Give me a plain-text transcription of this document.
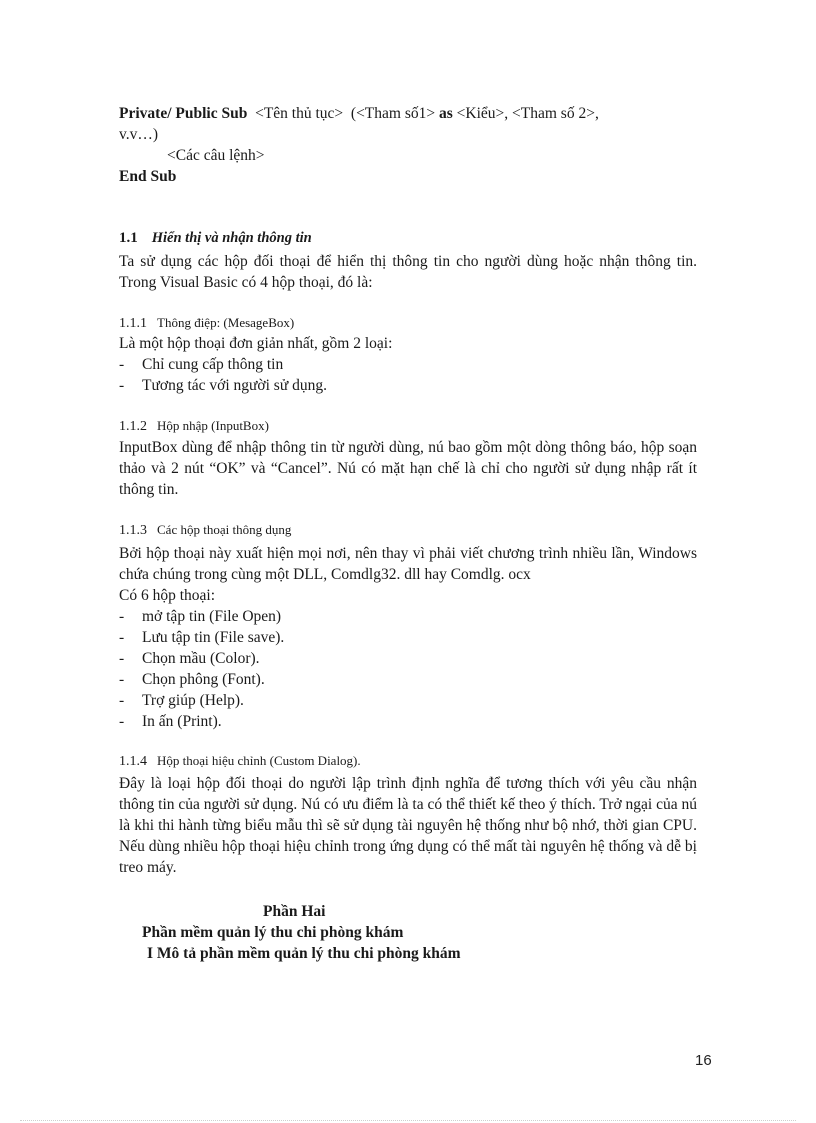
Private/ Public Sub <Tên thủ tục> (<Tham số1> as <Kiểu>, <Tham số 2>,

v.v…)

<Các câu lệnh>

End Sub

1.1 Hiển thị và nhận thông tin

Ta sử dụng các hộp đối thoại để hiển thị thông tin cho người dùng hoặc nhận thông tin. Trong Visual Basic có 4 hộp thoại, đó là:

1.1.1 Thông điệp: (MesageBox)

Là một hộp thoại đơn giản nhất, gồm 2 loại:

- Chỉ cung cấp thông tin
- Tương tác với người sử dụng.
1.1.2 Hộp nhập (InputBox)

InputBox dùng để nhập thông tin từ người dùng, nú bao gồm một dòng thông báo, hộp soạn thảo và 2 nút “OK” và “Cancel”. Nú có mặt hạn chế là chỉ cho người sử dụng nhập rất ít thông tin.

1.1.3 Các hộp thoại thông dụng

Bởi hộp thoại này xuất hiện mọi nơi, nên thay vì phải viết chương trình nhiều lần, Windows chứa chúng trong cùng một DLL, Comdlg32. dll hay Comdlg. ocx

Có 6 hộp thoại:

- mở tập tin (File Open)
- Lưu tập tin (File save).
- Chọn mầu (Color).
- Chọn phông (Font).
- Trợ giúp (Help).
- In ấn (Print).
1.1.4 Hộp thoại hiệu chỉnh (Custom Dialog).

Đây là loại hộp đối thoại do người lập trình định nghĩa để tương thích với yêu cầu nhận thông tin của người sử dụng. Nú có ưu điểm là ta có thể thiết kế theo ý thích. Trở ngại của nú là khi thi hành từng biểu mẫu thì sẽ sử dụng tài nguyên hệ thống như bộ nhớ, thời gian CPU. Nếu dùng nhiều hộp thoại hiệu chỉnh trong ứng dụng có thể mất tài nguyên hệ thống và dễ bị treo máy.

Phần Hai
Phần mềm quản lý thu chi phòng khám
I Mô tả phần mềm quản lý thu chi phòng khám
16
